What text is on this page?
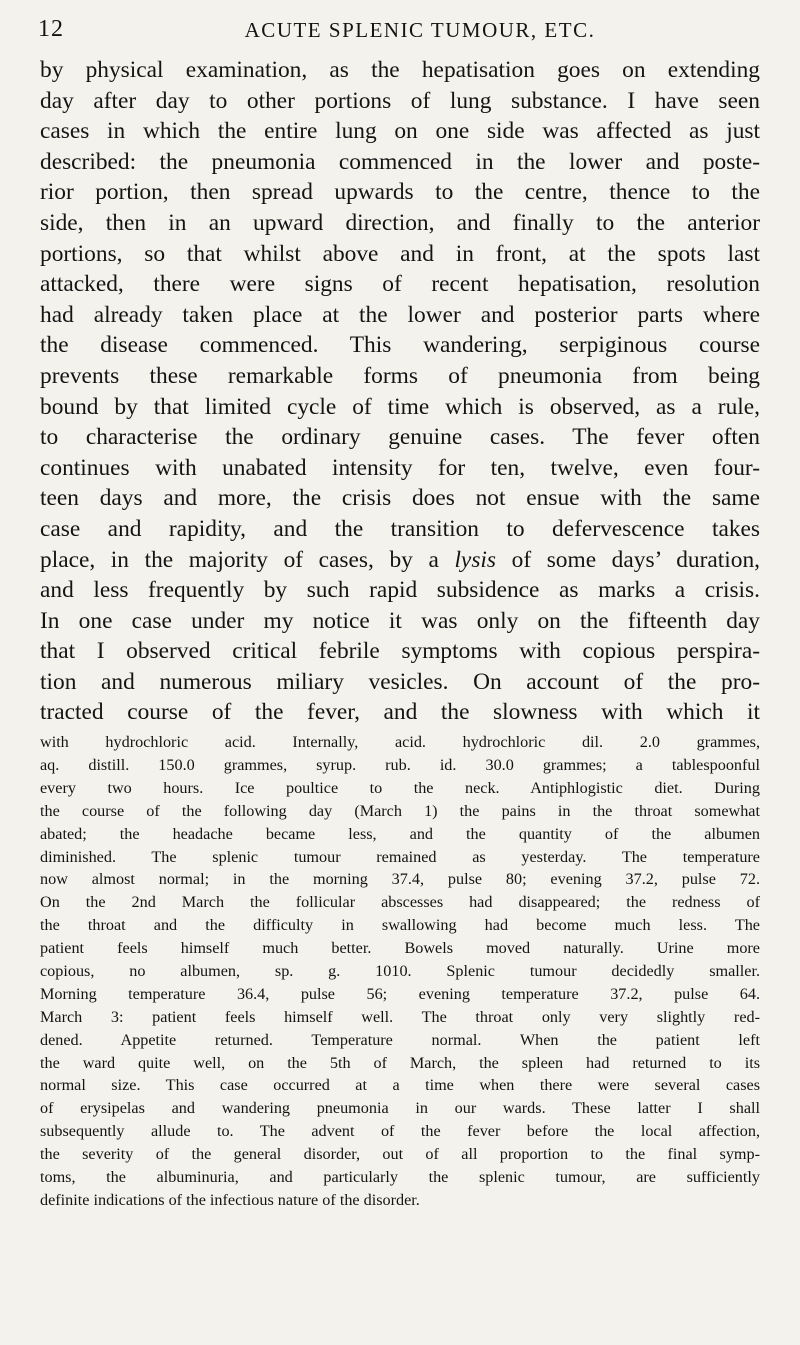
12	ACUTE SPLENIC TUMOUR, ETC.
by physical examination, as the hepatisation goes on extending
day after day to other portions of lung substance. I have seen
cases in which the entire lung on one side was affected as just
described: the pneumonia commenced in the lower and poste-
rior portion, then spread upwards to the centre, thence to the
side, then in an upward direction, and finally to the anterior
portions, so that whilst above and in front, at the spots last
attacked, there were signs of recent hepatisation, resolution
had already taken place at the lower and posterior parts where
the disease commenced. This wandering, serpiginous course
prevents these remarkable forms of pneumonia from being
bound by that limited cycle of time which is observed, as a rule,
to characterise the ordinary genuine cases. The fever often
continues with unabated intensity for ten, twelve, even four-
teen days and more, the crisis does not ensue with the same
case and rapidity, and the transition to defervescence takes
place, in the majority of cases, by a lysis of some days’ duration,
and less frequently by such rapid subsidence as marks a crisis.
In one case under my notice it was only on the fifteenth day
that I observed critical febrile symptoms with copious perspira-
tion and numerous miliary vesicles. On account of the pro-
tracted course of the fever, and the slowness with which it
with hydrochloric acid. Internally, acid. hydrochloric dil. 2.0 grammes,
aq. distill. 150.0 grammes, syrup. rub. id. 30.0 grammes; a tablespoonful
every two hours. Ice poultice to the neck. Antiphlogistic diet. During
the course of the following day (March 1) the pains in the throat somewhat
abated; the headache became less, and the quantity of the albumen
diminished. The splenic tumour remained as yesterday. The temperature
now almost normal; in the morning 37.4, pulse 80; evening 37.2, pulse 72.
On the 2nd March the follicular abscesses had disappeared; the redness of
the throat and the difficulty in swallowing had become much less. The
patient feels himself much better. Bowels moved naturally. Urine more
copious, no albumen, sp. g. 1010. Splenic tumour decidedly smaller.
Morning temperature 36.4, pulse 56; evening temperature 37.2, pulse 64.
March 3: patient feels himself well. The throat only very slightly red-
dened. Appetite returned. Temperature normal. When the patient left
the ward quite well, on the 5th of March, the spleen had returned to its
normal size. This case occurred at a time when there were several cases
of erysipelas and wandering pneumonia in our wards. These latter I shall
subsequently allude to. The advent of the fever before the local affection,
the severity of the general disorder, out of all proportion to the final symp-
toms, the albuminuria, and particularly the splenic tumour, are sufficiently
definite indications of the infectious nature of the disorder.
